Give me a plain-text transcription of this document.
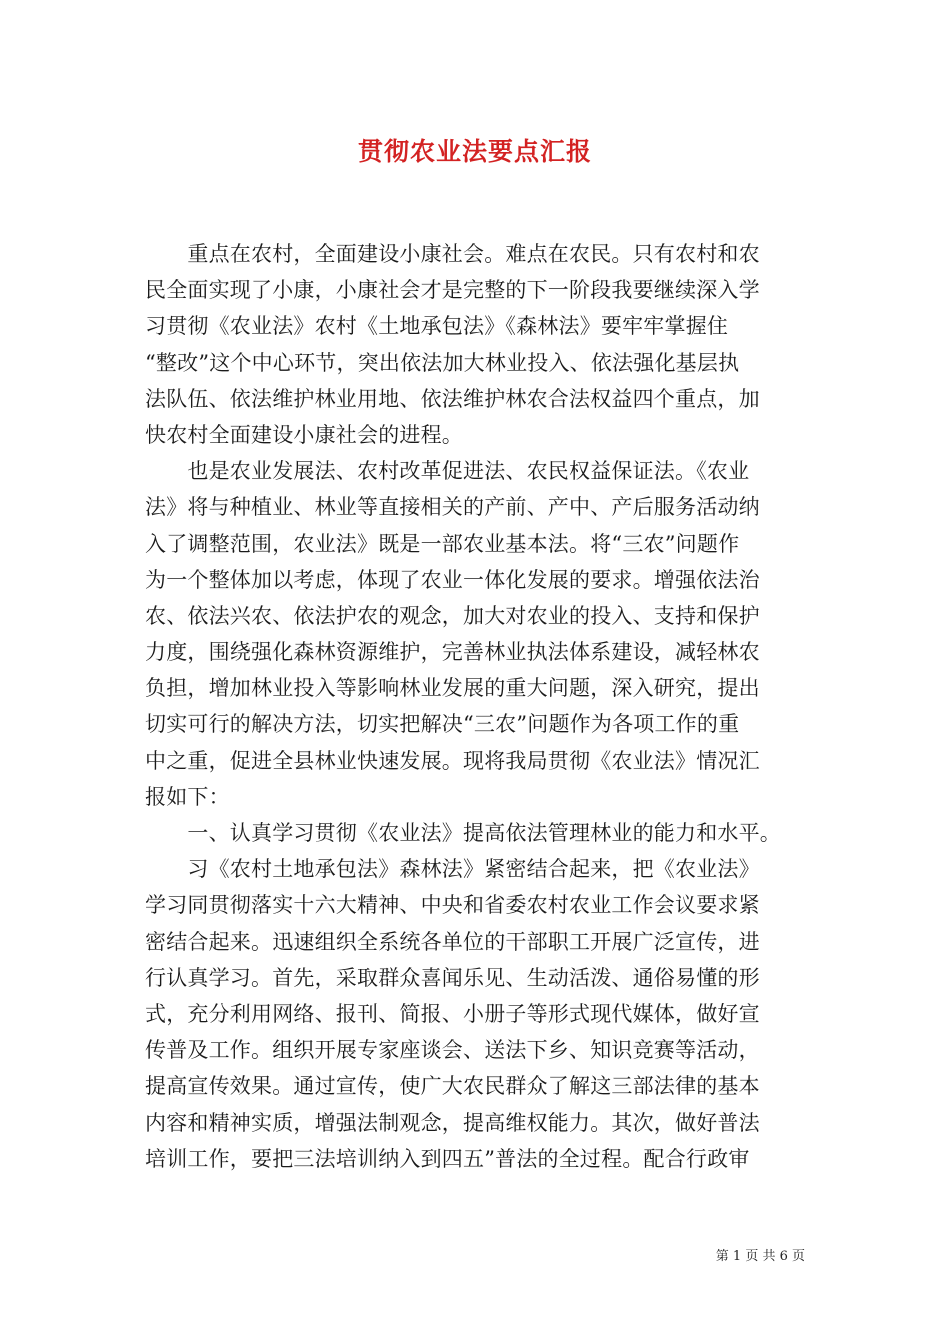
贯彻农业法要点汇报
　　重点在农村，全面建设小康社会。难点在农民。只有农村和农
民全面实现了小康，小康社会才是完整的下一阶段我要继续深入学
习贯彻《农业法》农村《土地承包法》《森林法》要牢牢掌握住
“整改”这个中心环节，突出依法加大林业投入、依法强化基层执
法队伍、依法维护林业用地、依法维护林农合法权益四个重点，加
快农村全面建设小康社会的进程。
　　也是农业发展法、农村改革促进法、农民权益保证法。《农业
法》将与种植业、林业等直接相关的产前、产中、产后服务活动纳
入了调整范围，农业法》既是一部农业基本法。将“三农”问题作
为一个整体加以考虑，体现了农业一体化发展的要求。增强依法治
农、依法兴农、依法护农的观念，加大对农业的投入、支持和保护
力度，围绕强化森林资源维护，完善林业执法体系建设，减轻林农
负担，增加林业投入等影响林业发展的重大问题，深入研究，提出
切实可行的解决方法，切实把解决“三农”问题作为各项工作的重
中之重，促进全县林业快速发展。现将我局贯彻《农业法》情况汇
报如下：
　　一、认真学习贯彻《农业法》提高依法管理林业的能力和水平。
　　习《农村土地承包法》森林法》紧密结合起来，把《农业法》
学习同贯彻落实十六大精神、中央和省委农村农业工作会议要求紧
密结合起来。迅速组织全系统各单位的干部职工开展广泛宣传，进
行认真学习。首先，采取群众喜闻乐见、生动活泼、通俗易懂的形
式，充分利用网络、报刊、简报、小册子等形式现代媒体，做好宣
传普及工作。组织开展专家座谈会、送法下乡、知识竞赛等活动，
提高宣传效果。通过宣传，使广大农民群众了解这三部法律的基本
内容和精神实质，增强法制观念，提高维权能力。其次，做好普法
培训工作，要把三法培训纳入到四五”普法的全过程。配合行政审
第 1 页 共 6 页
